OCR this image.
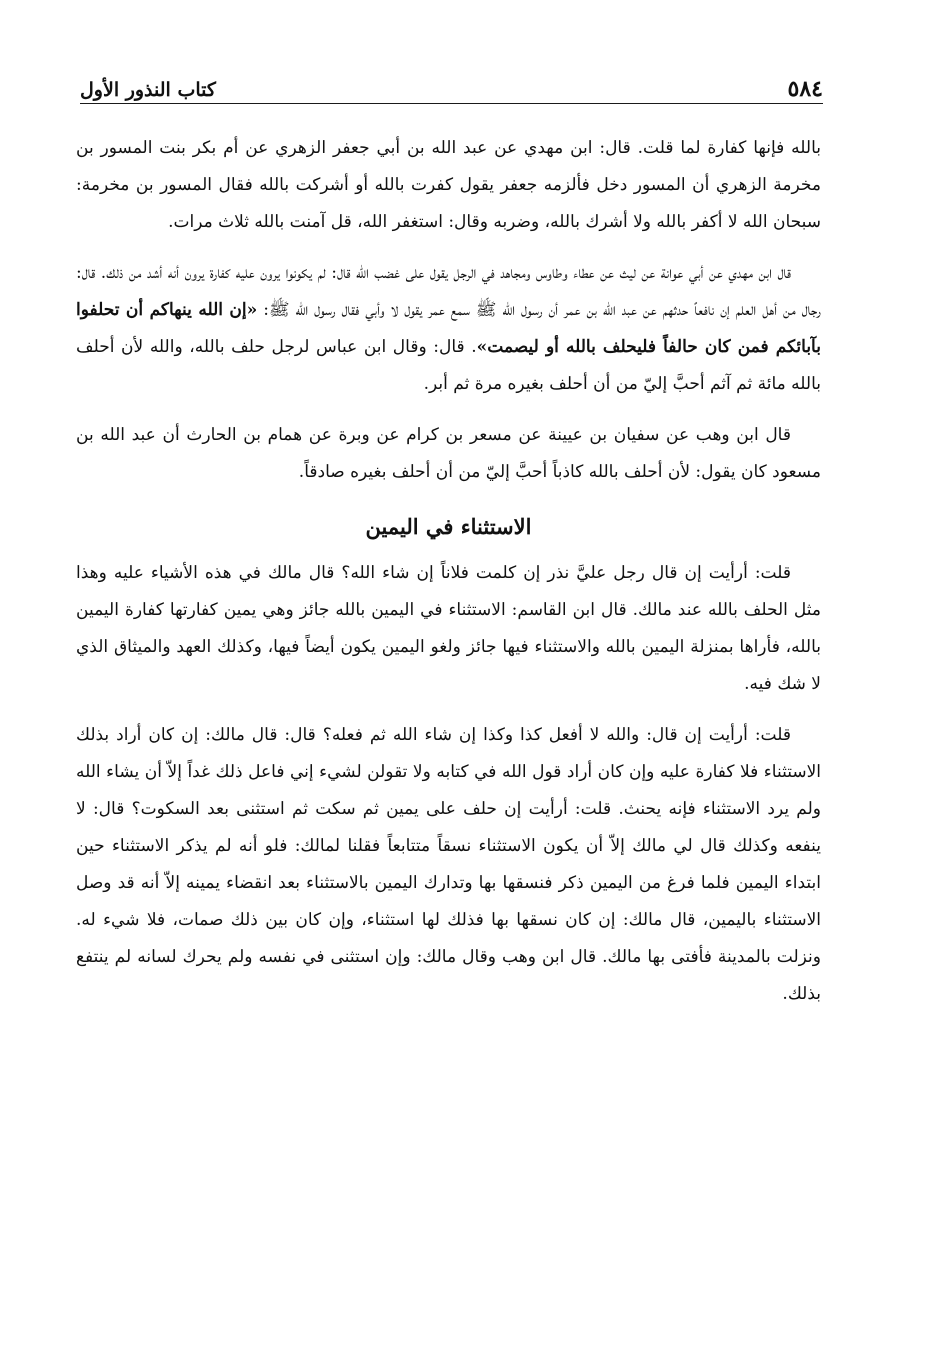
٥٨٤
كتاب النذور الأول

بالله فإنها كفارة لما قلت. قال: ابن مهدي عن عبد الله بن أبي جعفر الزهري عن أم بكر بنت المسور بن مخرمة الزهري أن المسور دخل فألزمه جعفر يقول كفرت بالله أو أشركت بالله فقال المسور بن مخرمة: سبحان الله لا أكفر بالله ولا أشرك بالله، وضربه وقال: استغفر الله، قل آمنت بالله ثلاث مرات.

قال ابن مهدي عن أبي عوانة عن ليث عن عطاء وطاوس ومجاهد في الرجل يقول على غضب الله قال: لم يكونوا يرون عليه كفارة يرون أنه أشد من ذلك. قال: رجال من أهل العلم إن نافعاً حدثهم عن عبد الله بن عمر أن رسول الله ﷺ سمع عمر يقول لا وأبي فقال رسول الله ﷺ: «إن الله ينهاكم أن تحلفوا بآبائكم فمن كان حالفاً فليحلف بالله أو ليصمت». قال: وقال ابن عباس لرجل حلف بالله، والله لأن أحلف بالله مائة ثم آثم أحبَّ إليّ من أن أحلف بغيره مرة ثم أبر.

قال ابن وهب عن سفيان بن عيينة عن مسعر بن كرام عن وبرة عن همام بن الحارث أن عبد الله بن مسعود كان يقول: لأن أحلف بالله كاذباً أحبَّ إليّ من أن أحلف بغيره صادقاً.

الاستثناء في اليمين

قلت: أرأيت إن قال رجل عليَّ نذر إن كلمت فلاناً إن شاء الله؟ قال مالك في هذه الأشياء عليه وهذا مثل الحلف بالله عند مالك. قال ابن القاسم: الاستثناء في اليمين بالله جائز وهي يمين كفارتها كفارة اليمين بالله، فأراها بمنزلة اليمين بالله والاستثناء فيها جائز ولغو اليمين يكون أيضاً فيها، وكذلك العهد والميثاق الذي لا شك فيه.

قلت: أرأيت إن قال: والله لا أفعل كذا وكذا إن شاء الله ثم فعله؟ قال: قال مالك: إن كان أراد بذلك الاستثناء فلا كفارة عليه وإن كان أراد قول الله في كتابه ولا تقولن لشيء إني فاعل ذلك غداً إلاّ أن يشاء الله ولم يرد الاستثناء فإنه يحنث. قلت: أرأيت إن حلف على يمين ثم سكت ثم استثنى بعد السكوت؟ قال: لا ينفعه وكذلك قال لي مالك إلاّ أن يكون الاستثناء نسقاً متتابعاً فقلنا لمالك: فلو أنه لم يذكر الاستثناء حين ابتداء اليمين فلما فرغ من اليمين ذكر فنسقها بها وتدارك اليمين بالاستثناء بعد انقضاء يمينه إلاّ أنه قد وصل الاستثناء باليمين، قال مالك: إن كان نسقها بها فذلك لها استثناء، وإن كان بين ذلك صمات، فلا شيء له. ونزلت بالمدينة فأفتى بها مالك. قال ابن وهب وقال مالك: وإن استثنى في نفسه ولم يحرك لسانه لم ينتفع بذلك.
